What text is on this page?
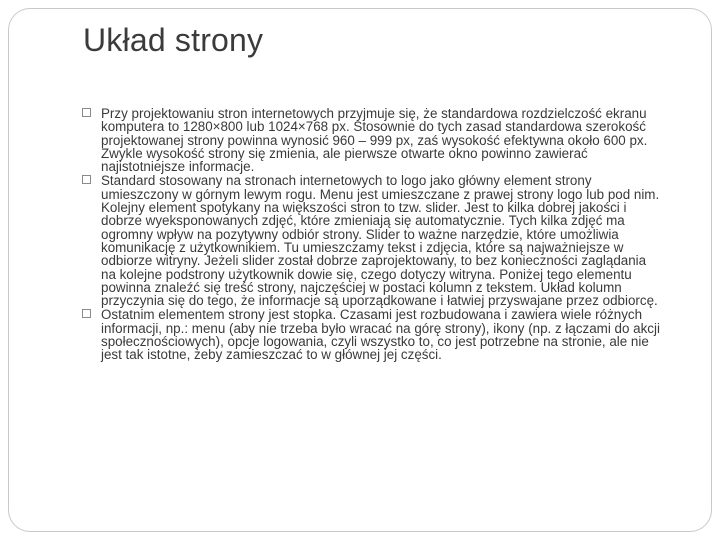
Układ strony
Przy projektowaniu stron internetowych przyjmuje się, że standardowa rozdzielczość ekranu komputera to 1280×800 lub 1024×768 px. Stosownie do tych zasad standardowa szerokość projektowanej strony powinna wynosić 960 – 999 px, zaś wysokość efektywna około 600 px. Zwykle wysokość strony się zmienia, ale pierwsze otwarte okno powinno zawierać najistotniejsze informacje.
Standard stosowany na stronach internetowych to logo jako główny element strony umieszczony w górnym lewym rogu. Menu jest umieszczane z prawej strony logo lub pod nim. Kolejny element spotykany na większości stron to tzw. slider. Jest to kilka dobrej jakości i dobrze wyeksponowanych zdjęć, które zmieniają się automatycznie. Tych kilka zdjęć ma ogromny wpływ na pozytywny odbiór strony. Slider to ważne narzędzie, które umożliwia komunikację z użytkownikiem. Tu umieszczamy tekst i zdjęcia, które są najważniejsze w odbiorze witryny. Jeżeli slider został dobrze zaprojektowany, to bez konieczności zaglądania na kolejne podstrony użytkownik dowie się, czego dotyczy witryna. Poniżej tego elementu powinna znaleźć się treść strony, najczęściej w postaci kolumn z tekstem. Układ kolumn przyczynia się do tego, że informacje są uporządkowane i łatwiej przyswajane przez odbiorcę.
Ostatnim elementem strony jest stopka. Czasami jest rozbudowana i zawiera wiele różnych informacji, np.: menu (aby nie trzeba było wracać na górę strony), ikony (np. z łączami do akcji społecznościowych), opcje logowania, czyli wszystko to, co jest potrzebne na stronie, ale nie jest tak istotne, żeby zamieszczać to w głównej jej części.
